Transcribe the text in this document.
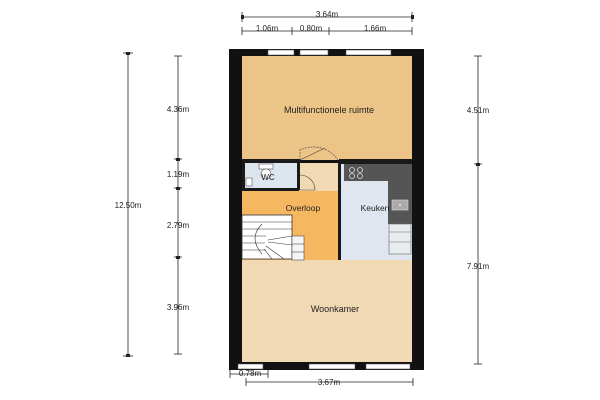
Multifunctionele ruimte
WC
Overloop	Keuken
Woonkamer
3.64m
1.06m	0.80m	1.66m
12.50m
4.36m
1.19m
2.79m
3.96m
4.51m
7.91m
0.78m
3.67m
